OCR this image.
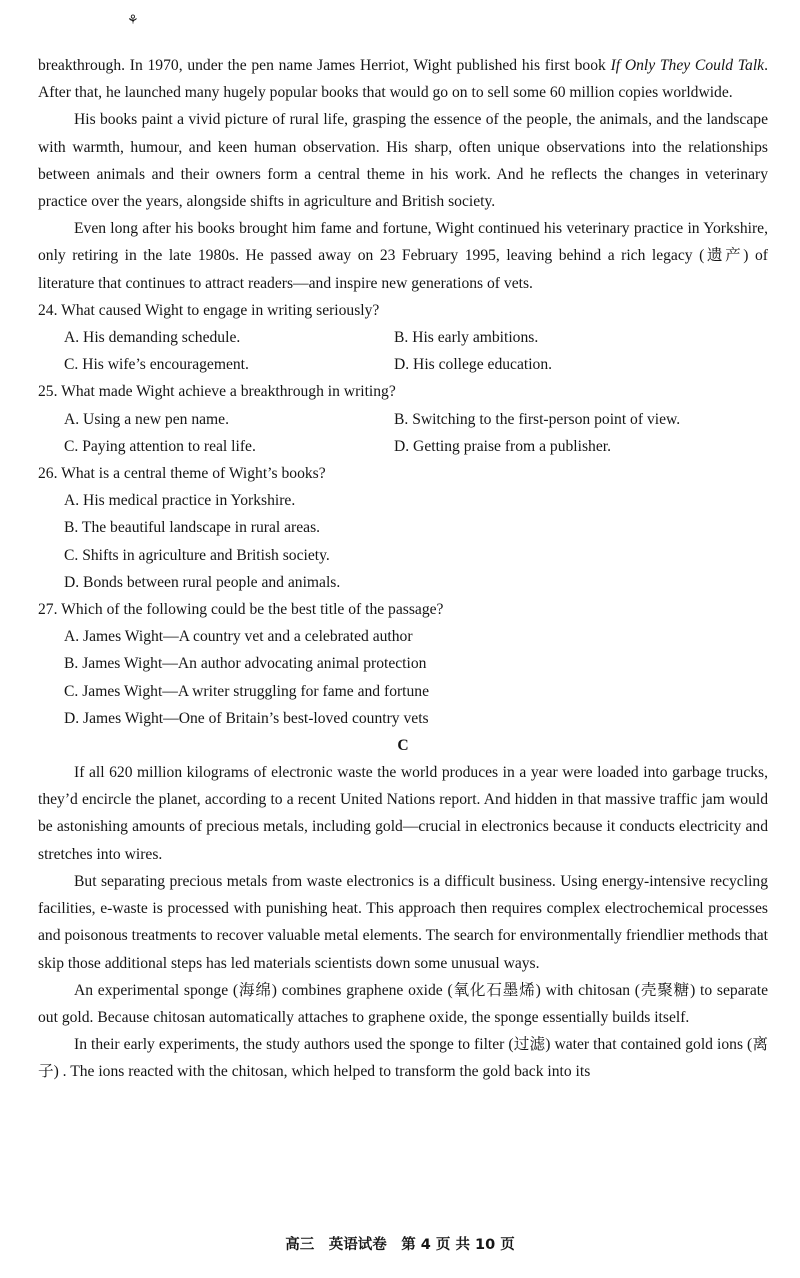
⚘

breakthrough. In 1970, under the pen name James Herriot, Wight published his first book If Only They Could Talk. After that, he launched many hugely popular books that would go on to sell some 60 million copies worldwide.

His books paint a vivid picture of rural life, grasping the essence of the people, the animals, and the landscape with warmth, humour, and keen human observation. His sharp, often unique observations into the relationships between animals and their owners form a central theme in his work. And he reflects the changes in veterinary practice over the years, alongside shifts in agriculture and British society.

Even long after his books brought him fame and fortune, Wight continued his veterinary practice in Yorkshire, only retiring in the late 1980s. He passed away on 23 February 1995, leaving behind a rich legacy (遗产) of literature that continues to attract readers—and inspire new generations of vets.

24. What caused Wight to engage in writing seriously?
A. His demanding schedule.	B. His early ambitions.
C. His wife’s encouragement.	D. His college education.
25. What made Wight achieve a breakthrough in writing?
A. Using a new pen name.	B. Switching to the first-person point of view.
C. Paying attention to real life.	D. Getting praise from a publisher.
26. What is a central theme of Wight’s books?
A. His medical practice in Yorkshire.
B. The beautiful landscape in rural areas.
C. Shifts in agriculture and British society.
D. Bonds between rural people and animals.
27. Which of the following could be the best title of the passage?
A. James Wight—A country vet and a celebrated author
B. James Wight—An author advocating animal protection
C. James Wight—A writer struggling for fame and fortune
D. James Wight—One of Britain’s best-loved country vets
C

If all 620 million kilograms of electronic waste the world produces in a year were loaded into garbage trucks, they’d encircle the planet, according to a recent United Nations report. And hidden in that massive traffic jam would be astonishing amounts of precious metals, including gold—crucial in electronics because it conducts electricity and stretches into wires.

But separating precious metals from waste electronics is a difficult business. Using energy-intensive recycling facilities, e-waste is processed with punishing heat. This approach then requires complex electrochemical processes and poisonous treatments to recover valuable metal elements. The search for environmentally friendlier methods that skip those additional steps has led materials scientists down some unusual ways.

An experimental sponge (海绵) combines graphene oxide (氧化石墨烯) with chitosan (壳聚糖) to separate out gold. Because chitosan automatically attaches to graphene oxide, the sponge essentially builds itself.

In their early experiments, the study authors used the sponge to filter (过滤) water that contained gold ions (离子) . The ions reacted with the chitosan, which helped to transform the gold back into its

高三　英语试卷　第 4 页 共 10 页
